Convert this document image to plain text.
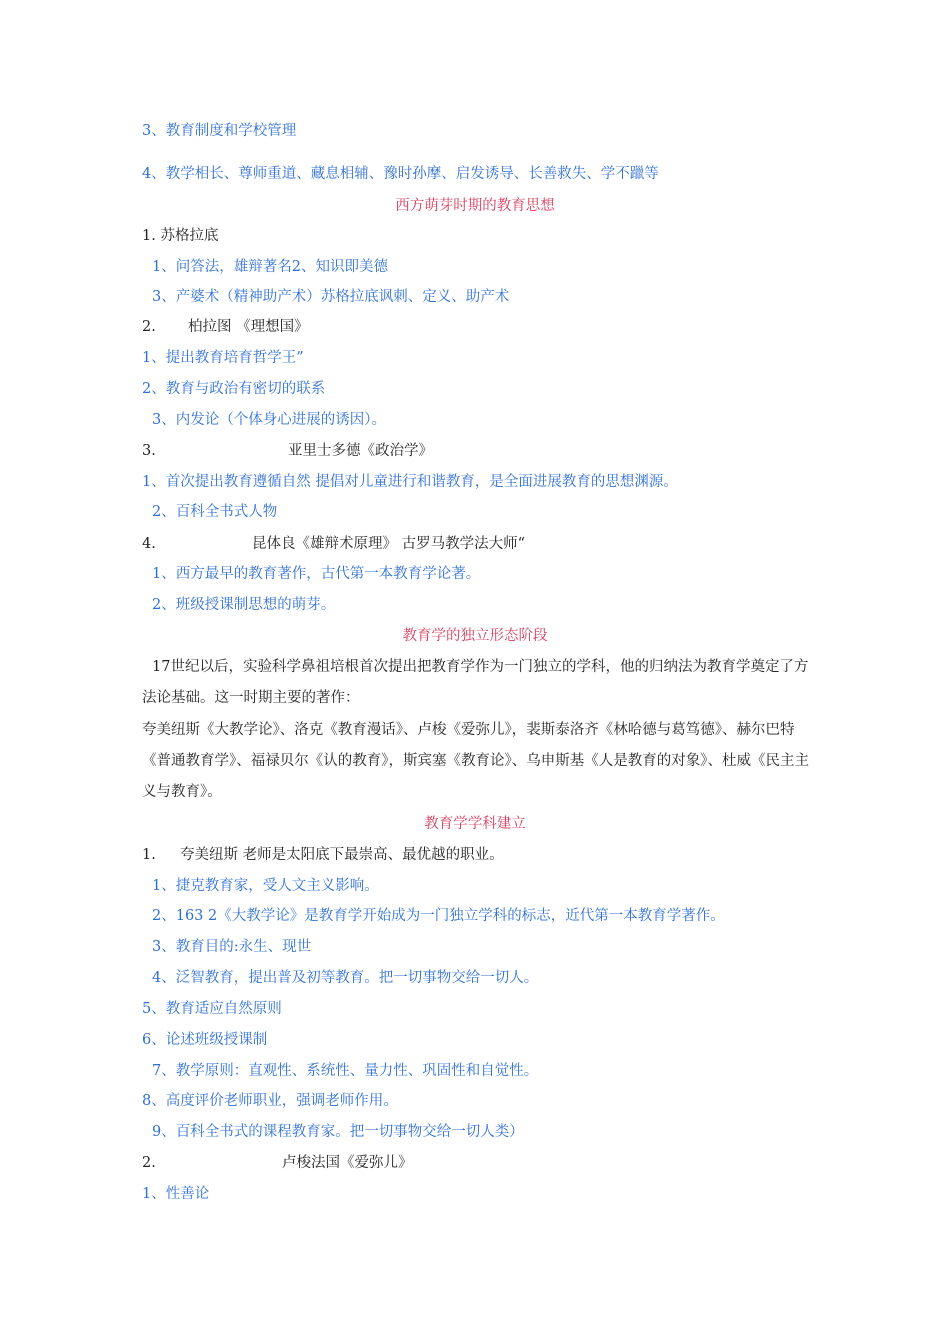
3、教育制度和学校管理
4、教学相长、尊师重道、藏息相辅、豫时孙摩、启发诱导、长善救失、学不躐等
西方萌芽时期的教育思想
1. 苏格拉底
1、问答法，雄辩著名2、知识即美德
3、产婆术（精神助产术）苏格拉底讽刺、定义、助产术
2. 柏拉图 《理想国》
1、提出教育培育哲学王”
2、教育与政治有密切的联系
3、内发论（个体身心进展的诱因）。
3.	亚里士多德《政治学》
1、首次提出教育遵循自然 提倡对儿童进行和谐教育，是全面进展教育的思想渊源。
2、百科全书式人物
4.	昆体良《雄辩术原理》 古罗马教学法大师“
1、西方最早的教育著作，古代第一本教育学论著。
2、班级授课制思想的萌芽。
教育学的独立形态阶段
17世纪以后，实验科学鼻祖培根首次提出把教育学作为一门独立的学科，他的归纳法为教育学奠定了方法论基础。这一时期主要的著作：
夸美纽斯《大教学论》、洛克《教育漫话》、卢梭《爱弥儿》，裴斯泰洛齐《林哈德与葛笃德》、赫尔巴特《普通教育学》、福禄贝尔《认的教育》，斯宾塞《教育论》、乌申斯基《人是教育的对象》、杜威《民主主义与教育》。
教育学学科建立
1. 夸美纽斯 老师是太阳底下最崇高、最优越的职业。
1、捷克教育家，受人文主义影响。
2、163 2《大教学论》是教育学开始成为一门独立学科的标志，近代第一本教育学著作。
3、教育目的:永生、现世
4、泛智教育，提出普及初等教育。把一切事物交给一切人。
5、教育适应自然原则
6、论述班级授课制
7、教学原则：直观性、系统性、量力性、巩固性和自觉性。
8、高度评价老师职业，强调老师作用。
9、百科全书式的课程教育家。把一切事物交给一切人类）
2.	卢梭法国《爱弥儿》
1、性善论
